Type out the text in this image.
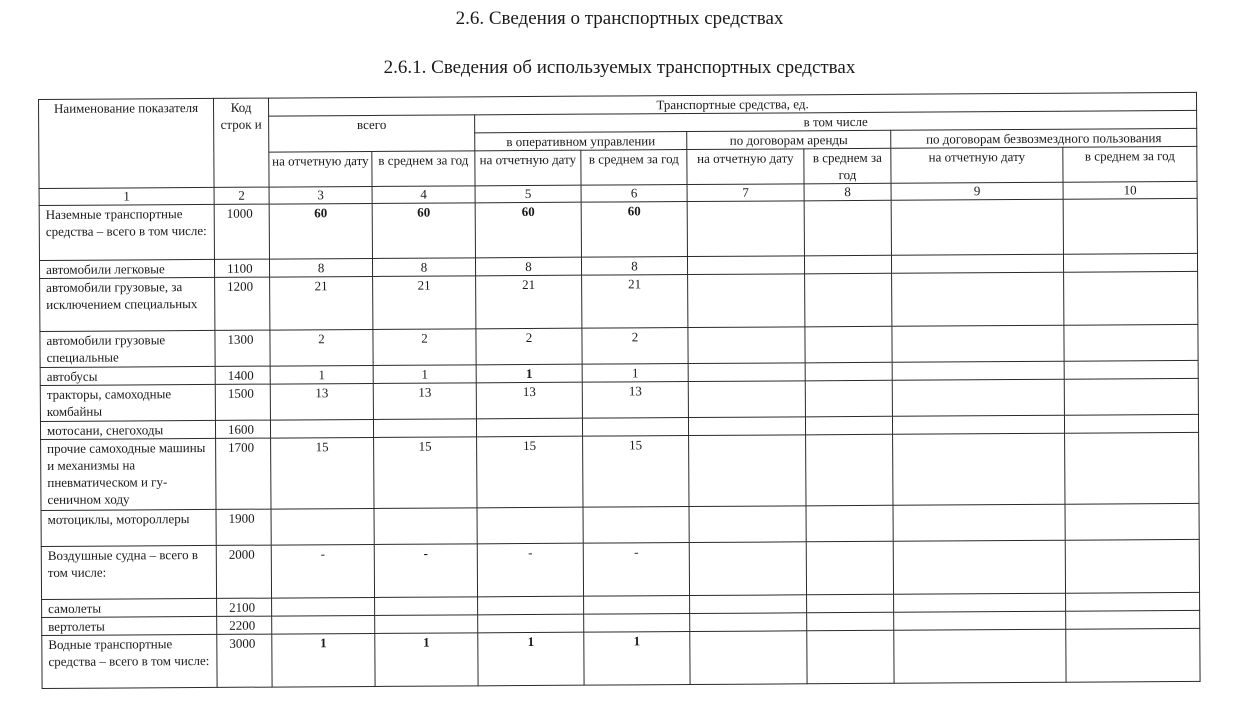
2.6. Сведения о транспортных средствах
2.6.1. Сведения об используемых транспортных средствах
Наименование показателя	Код строк и	Транспортные средства, ед.							
		всего		в том числе					
				в оперативном управлении		по договорам аренды		по договорам безвозмездного пользования	
		на отчетную дату	в среднем за год	на отчетную дату	в среднем за год	на отчетную дату	в среднем за год	на отчетную дату	в среднем за год
1	2	3	4	5	6	7	8	9	10
Наземные транспортные средства – всего в том числе:	1000	60	60	60	60				
автомобили легковые	1100	8	8	8	8				
автомобили грузовые, за исключением специальных	1200	21	21	21	21				
автомобили грузовые специальные	1300	2	2	2	2				
автобусы	1400	1	1	1	1				
тракторы, самоходные комбайны	1500	13	13	13	13				
мотосани, снегоходы	1600								
прочие самоходные машины и механизмы на пневматическом и гу-сеничном ходу	1700	15	15	15	15				
мотоциклы, мотороллеры	1900								
Воздушные судна – всего в том числе:	2000	-	-	-	-				
самолеты	2100								
вертолеты	2200								
Водные транспортные средства – всего в том числе:	3000	1	1	1	1				
